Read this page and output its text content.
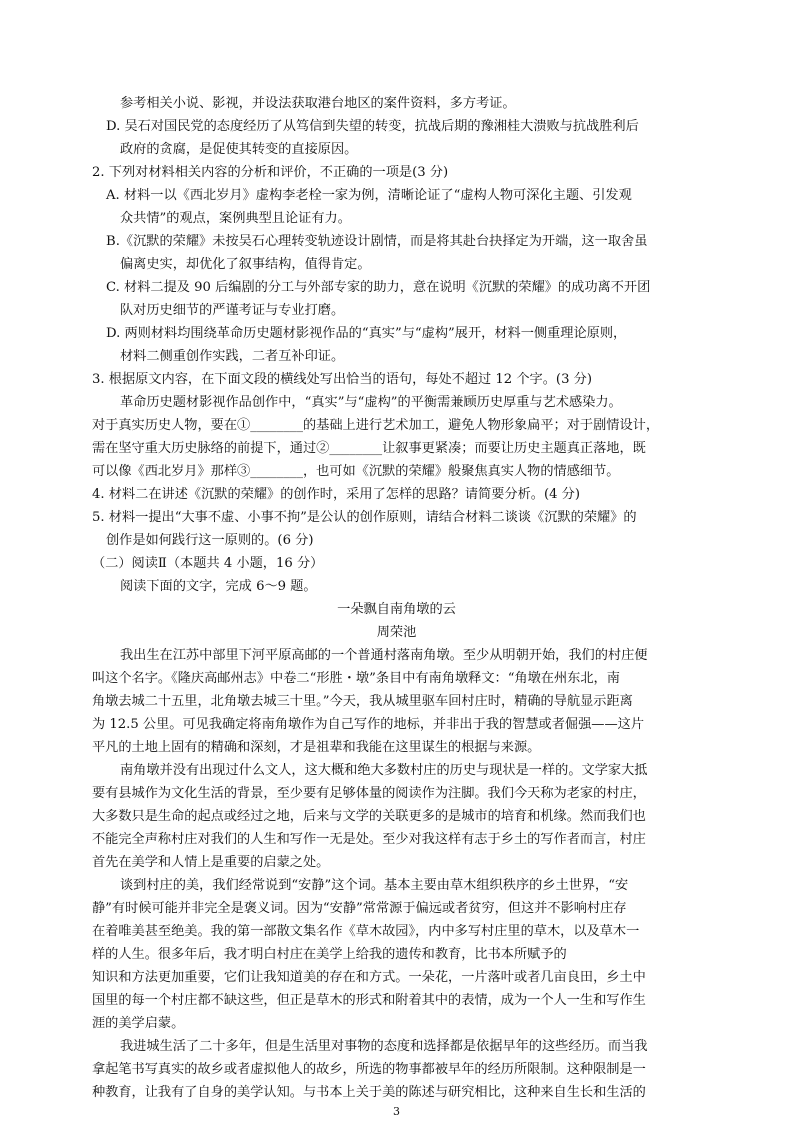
参考相关小说、影视，并设法获取港台地区的案件资料，多方考证。
D. 吴石对国民党的态度经历了从笃信到失望的转变，抗战后期的豫湘桂大溃败与抗战胜利后
政府的贪腐，是促使其转变的直接原因。
2. 下列对材料相关内容的分析和评价，不正确的一项是(3 分)
A. 材料一以《西北岁月》虚构李老栓一家为例，清晰论证了“虚构人物可深化主题、引发观
众共情”的观点，案例典型且论证有力。
B.《沉默的荣耀》未按吴石心理转变轨迹设计剧情，而是将其赴台抉择定为开端，这一取舍虽
偏离史实，却优化了叙事结构，值得肯定。
C. 材料二提及 90 后编剧的分工与外部专家的助力，意在说明《沉默的荣耀》的成功离不开团
队对历史细节的严谨考证与专业打磨。
D. 两则材料均围绕革命历史题材影视作品的“真实”与“虚构”展开，材料一侧重理论原则，
材料二侧重创作实践，二者互补印证。
3. 根据原文内容，在下面文段的横线处写出恰当的语句，每处不超过 12 个字。(3 分)
革命历史题材影视作品创作中，“真实”与“虚构”的平衡需兼顾历史厚重与艺术感染力。
对于真实历史人物，要在①________的基础上进行艺术加工，避免人物形象扁平；对于剧情设计，
需在坚守重大历史脉络的前提下，通过②________让叙事更紧凑；而要让历史主题真正落地，既
可以像《西北岁月》那样③________，也可如《沉默的荣耀》般聚焦真实人物的情感细节。
4. 材料二在讲述《沉默的荣耀》的创作时，采用了怎样的思路？请简要分析。(4 分)
5. 材料一提出“大事不虚、小事不拘”是公认的创作原则，请结合材料二谈谈《沉默的荣耀》的
创作是如何践行这一原则的。(6 分)
（二）阅读Ⅱ（本题共 4 小题，16 分）
阅读下面的文字，完成 6～9 题。
一朵飘自南角墩的云
周荣池
我出生在江苏中部里下河平原高邮的一个普通村落南角墩。至少从明朝开始，我们的村庄便
叫这个名字。《隆庆高邮州志》中卷二“形胜・墩”条目中有南角墩释文：“角墩在州东北，南
角墩去城二十五里，北角墩去城三十里。”今天，我从城里驱车回村庄时，精确的导航显示距离
为 12.5 公里。可见我确定将南角墩作为自己写作的地标，并非出于我的智慧或者倔强——这片
平凡的土地上固有的精确和深刻，才是祖辈和我能在这里谋生的根据与来源。
南角墩并没有出现过什么文人，这大概和绝大多数村庄的历史与现状是一样的。文学家大抵
要有县城作为文化生活的背景，至少要有足够体量的阅读作为注脚。我们今天称为老家的村庄，
大多数只是生命的起点或经过之地，后来与文学的关联更多的是城市的培育和机缘。然而我们也
不能完全声称村庄对我们的人生和写作一无是处。至少对我这样有志于乡土的写作者而言，村庄
首先在美学和人情上是重要的启蒙之处。
谈到村庄的美，我们经常说到“安静”这个词。基本主要由草木组织秩序的乡土世界，“安
静”有时候可能并非完全是褒义词。因为“安静”常常源于偏远或者贫穷，但这并不影响村庄存
在着唯美甚至绝美。我的第一部散文集名作《草木故园》，内中多写村庄里的草木，以及草木一
样的人生。很多年后，我才明白村庄在美学上给我的遗传和教育，比书本所赋予的
知识和方法更加重要，它们让我知道美的存在和方式。一朵花，一片落叶或者几亩良田，乡土中
国里的每一个村庄都不缺这些，但正是草木的形式和附着其中的表情，成为一个人一生和写作生
涯的美学启蒙。
我进城生活了二十多年，但是生活里对事物的态度和选择都是依据早年的这些经历。而当我
拿起笔书写真实的故乡或者虚拟他人的故乡，所选的物事都被早年的经历所限制。这种限制是一
种教育，让我有了自身的美学认知。与书本上关于美的陈述与研究相比，这种来自生长和生活的
3
